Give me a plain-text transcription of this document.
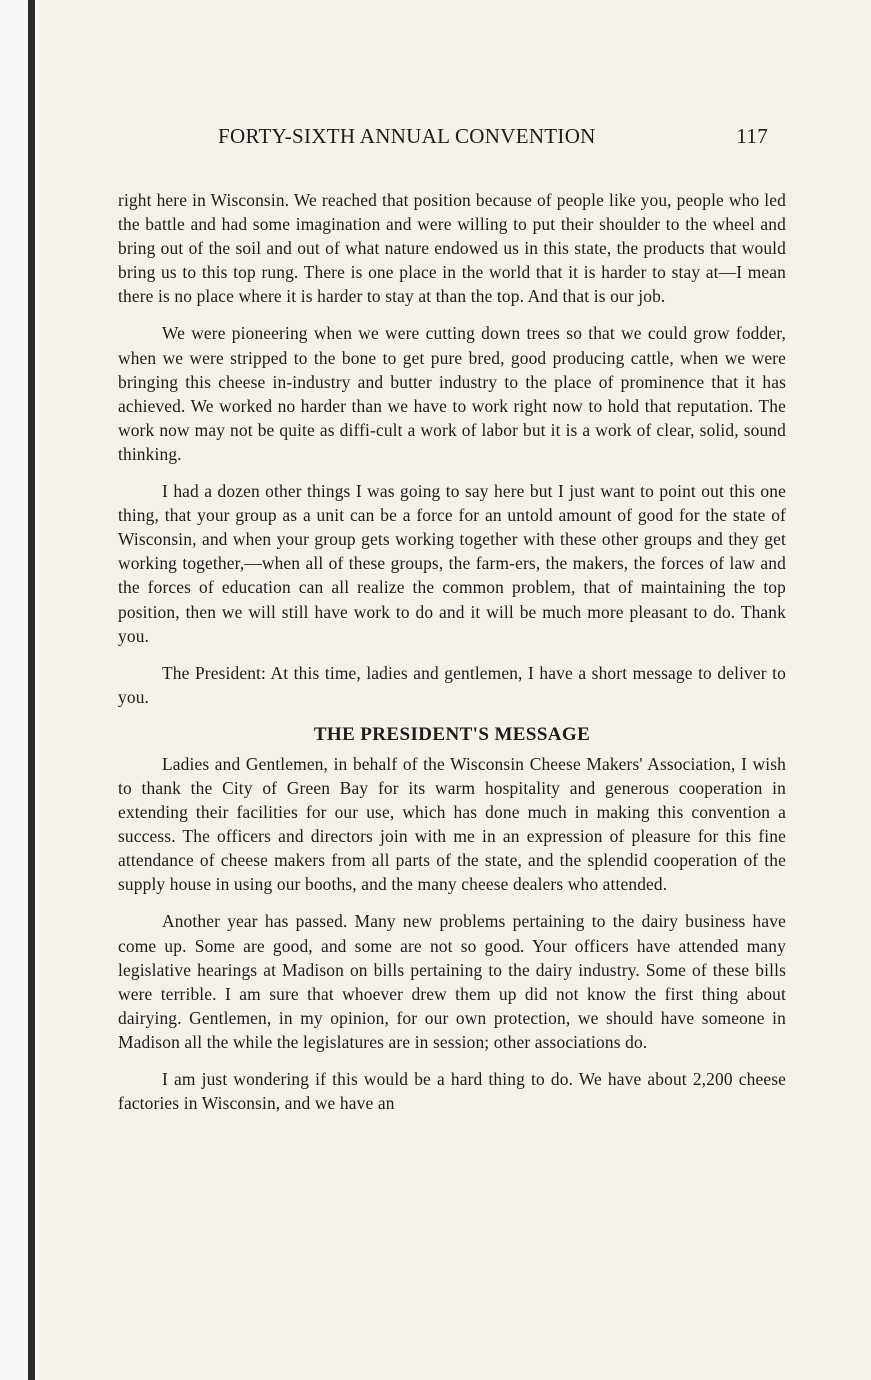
FORTY-SIXTH ANNUAL CONVENTION	117

right here in Wisconsin. We reached that position because of people like you, people who led the battle and had some imagination and were willing to put their shoulder to the wheel and bring out of the soil and out of what nature endowed us in this state, the products that would bring us to this top rung. There is one place in the world that it is harder to stay at—I mean there is no place where it is harder to stay at than the top. And that is our job.

We were pioneering when we were cutting down trees so that we could grow fodder, when we were stripped to the bone to get pure bred, good producing cattle, when we were bringing this cheese in-industry and butter industry to the place of prominence that it has achieved. We worked no harder than we have to work right now to hold that reputation. The work now may not be quite as diffi-cult a work of labor but it is a work of clear, solid, sound thinking.

I had a dozen other things I was going to say here but I just want to point out this one thing, that your group as a unit can be a force for an untold amount of good for the state of Wisconsin, and when your group gets working together with these other groups and they get working together,—when all of these groups, the farm-ers, the makers, the forces of law and the forces of education can all realize the common problem, that of maintaining the top position, then we will still have work to do and it will be much more pleasant to do. Thank you.

The President: At this time, ladies and gentlemen, I have a short message to deliver to you.

THE PRESIDENT'S MESSAGE

Ladies and Gentlemen, in behalf of the Wisconsin Cheese Makers' Association, I wish to thank the City of Green Bay for its warm hospitality and generous cooperation in extending their facilities for our use, which has done much in making this convention a success. The officers and directors join with me in an expression of pleasure for this fine attendance of cheese makers from all parts of the state, and the splendid cooperation of the supply house in using our booths, and the many cheese dealers who attended.

Another year has passed. Many new problems pertaining to the dairy business have come up. Some are good, and some are not so good. Your officers have attended many legislative hearings at Madison on bills pertaining to the dairy industry. Some of these bills were terrible. I am sure that whoever drew them up did not know the first thing about dairying. Gentlemen, in my opinion, for our own protection, we should have someone in Madison all the while the legislatures are in session; other associations do.

I am just wondering if this would be a hard thing to do. We have about 2,200 cheese factories in Wisconsin, and we have an
